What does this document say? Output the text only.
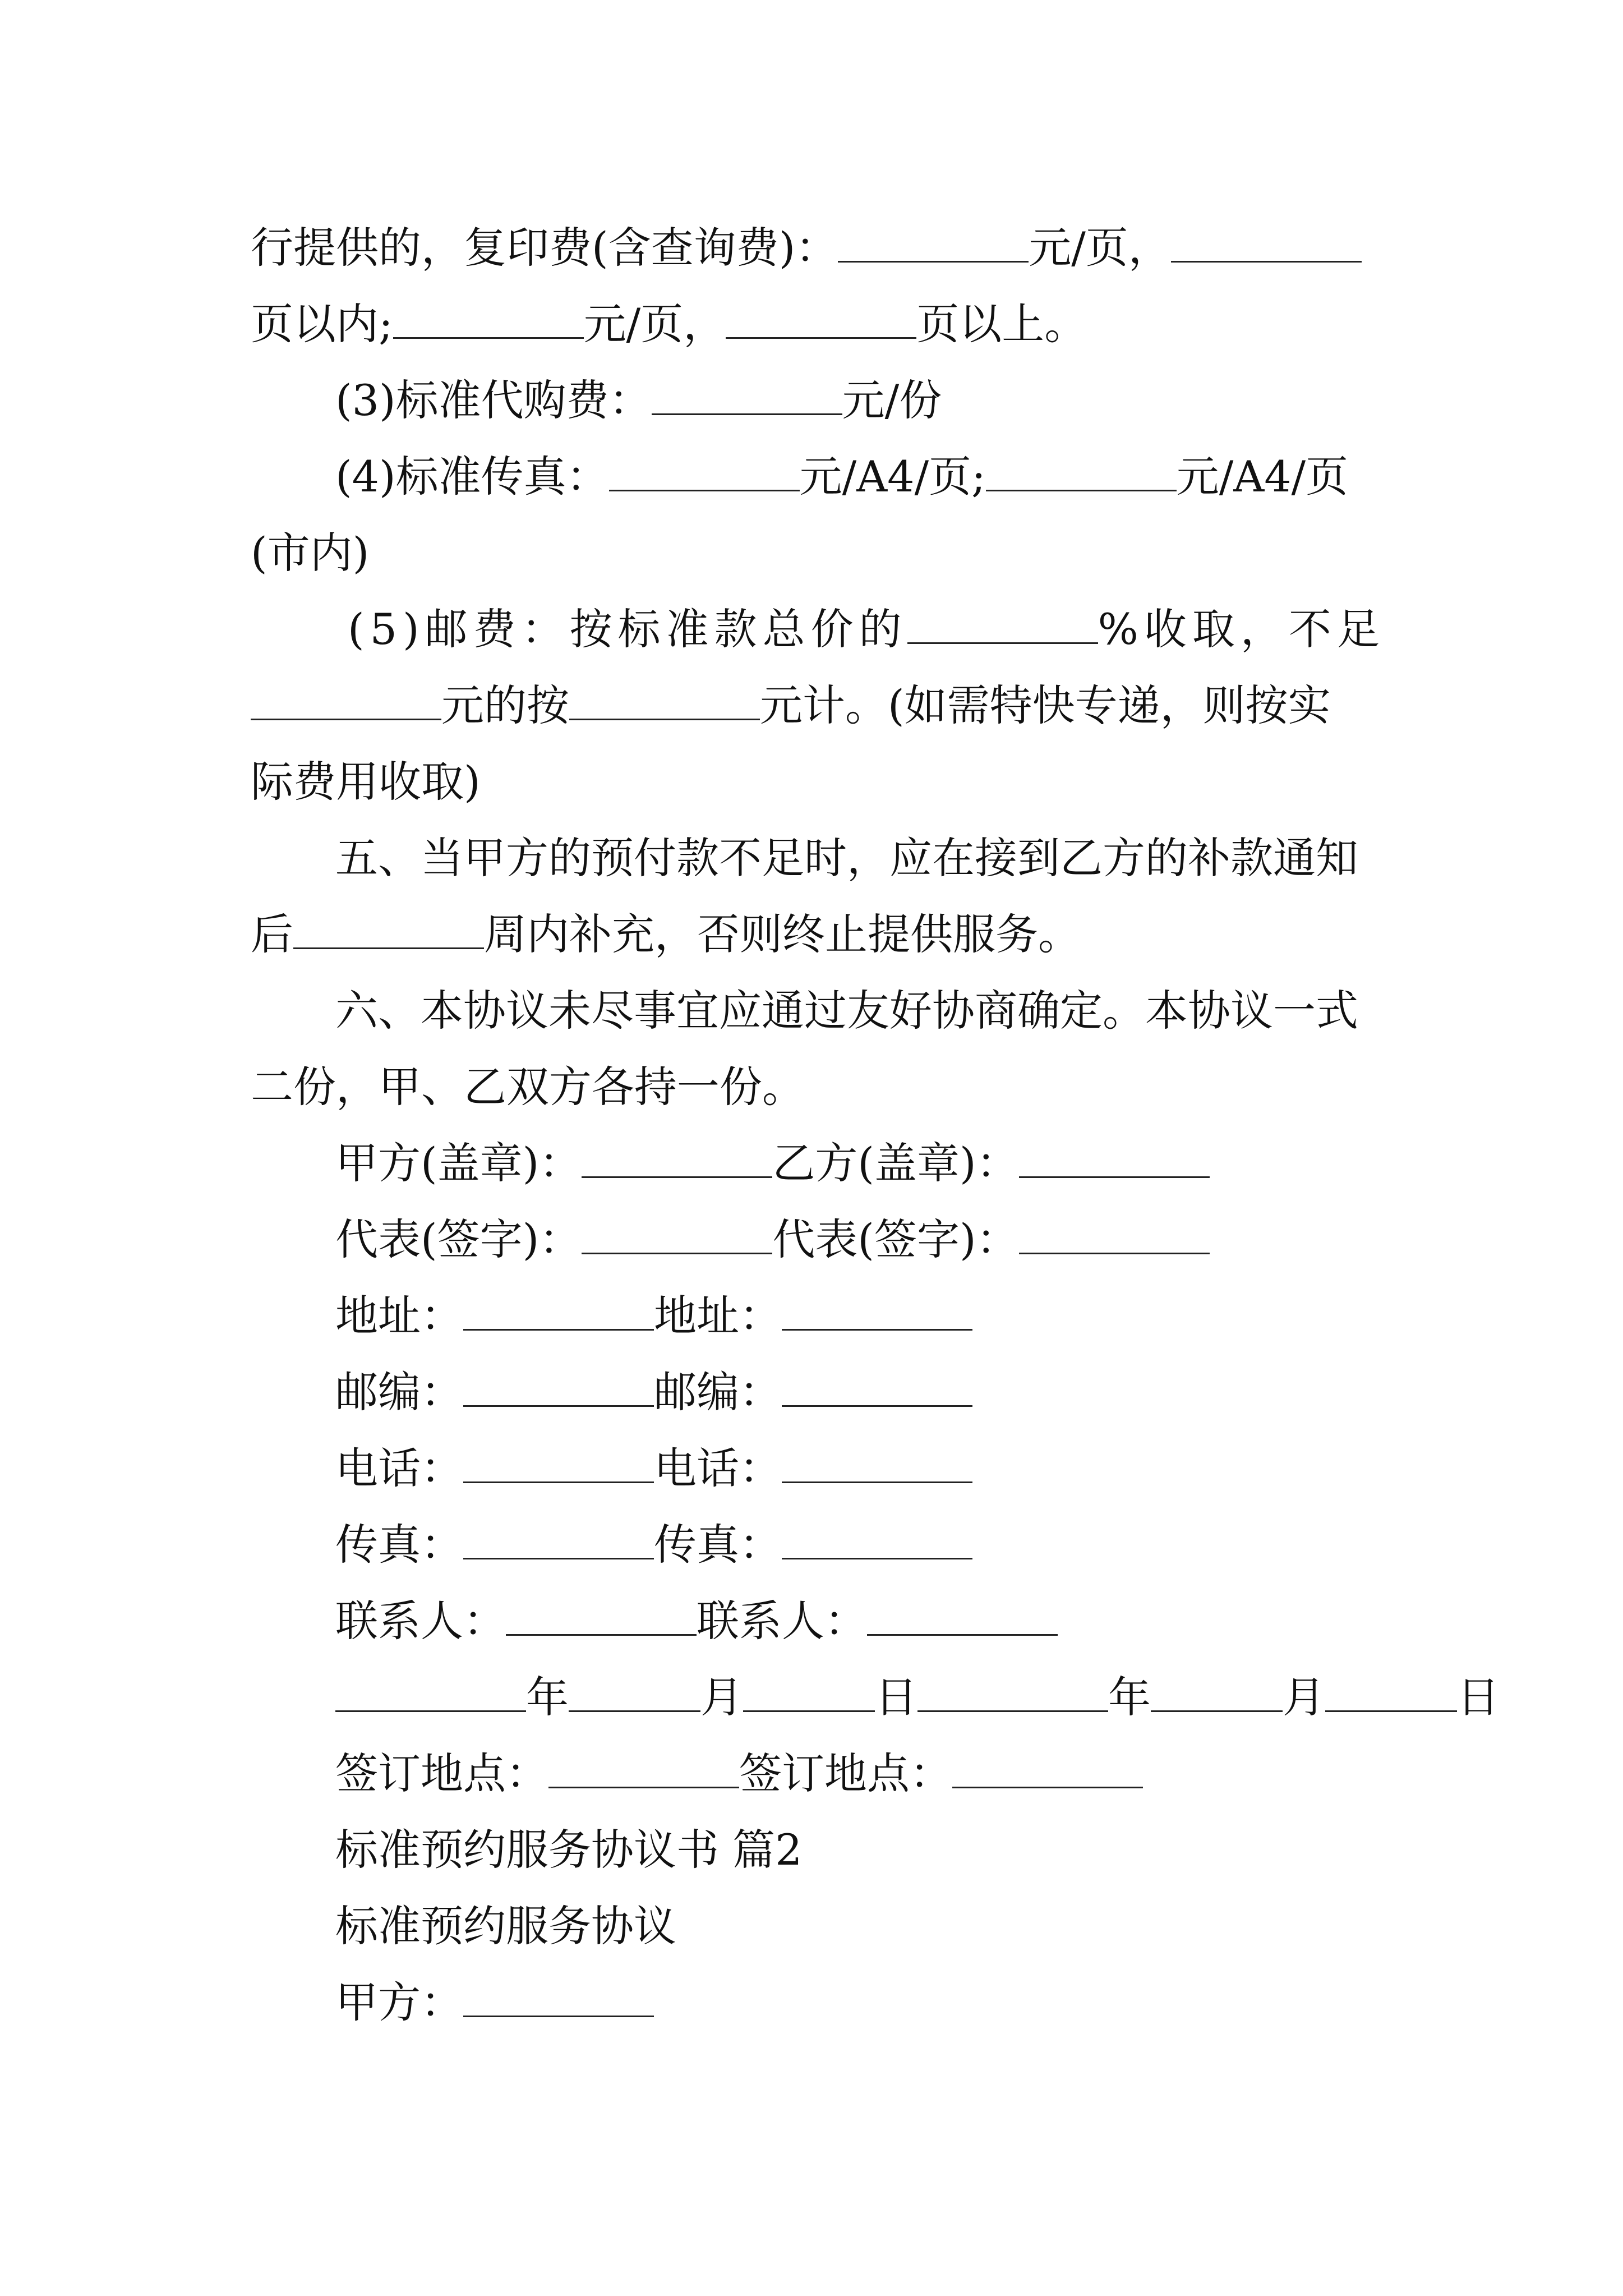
行提供的，复印费(含查询费)：	元/页，
页以内;	元/页，	页以上。
(3)标准代购费：	元/份
(4)标准传真：	元/A4/页;	元/A4/页
(市内)
(5)邮费：按标准款总价的	%收取，不足
元的按	元计。(如需特快专递，则按实
际费用收取)
五、当甲方的预付款不足时，应在接到乙方的补款通知
后	周内补充，否则终止提供服务。
六、本协议未尽事宜应通过友好协商确定。本协议一式
二份，甲、乙双方各持一份。
甲方(盖章)：	乙方(盖章)：
代表(签字)：	代表(签字)：
地址：	地址：
邮编：	邮编：
电话：	电话：
传真：	传真：
联系人：	联系人：
年	月	日	年	月	日
签订地点：	签订地点：
标准预约服务协议书 篇2
标准预约服务协议
甲方：
